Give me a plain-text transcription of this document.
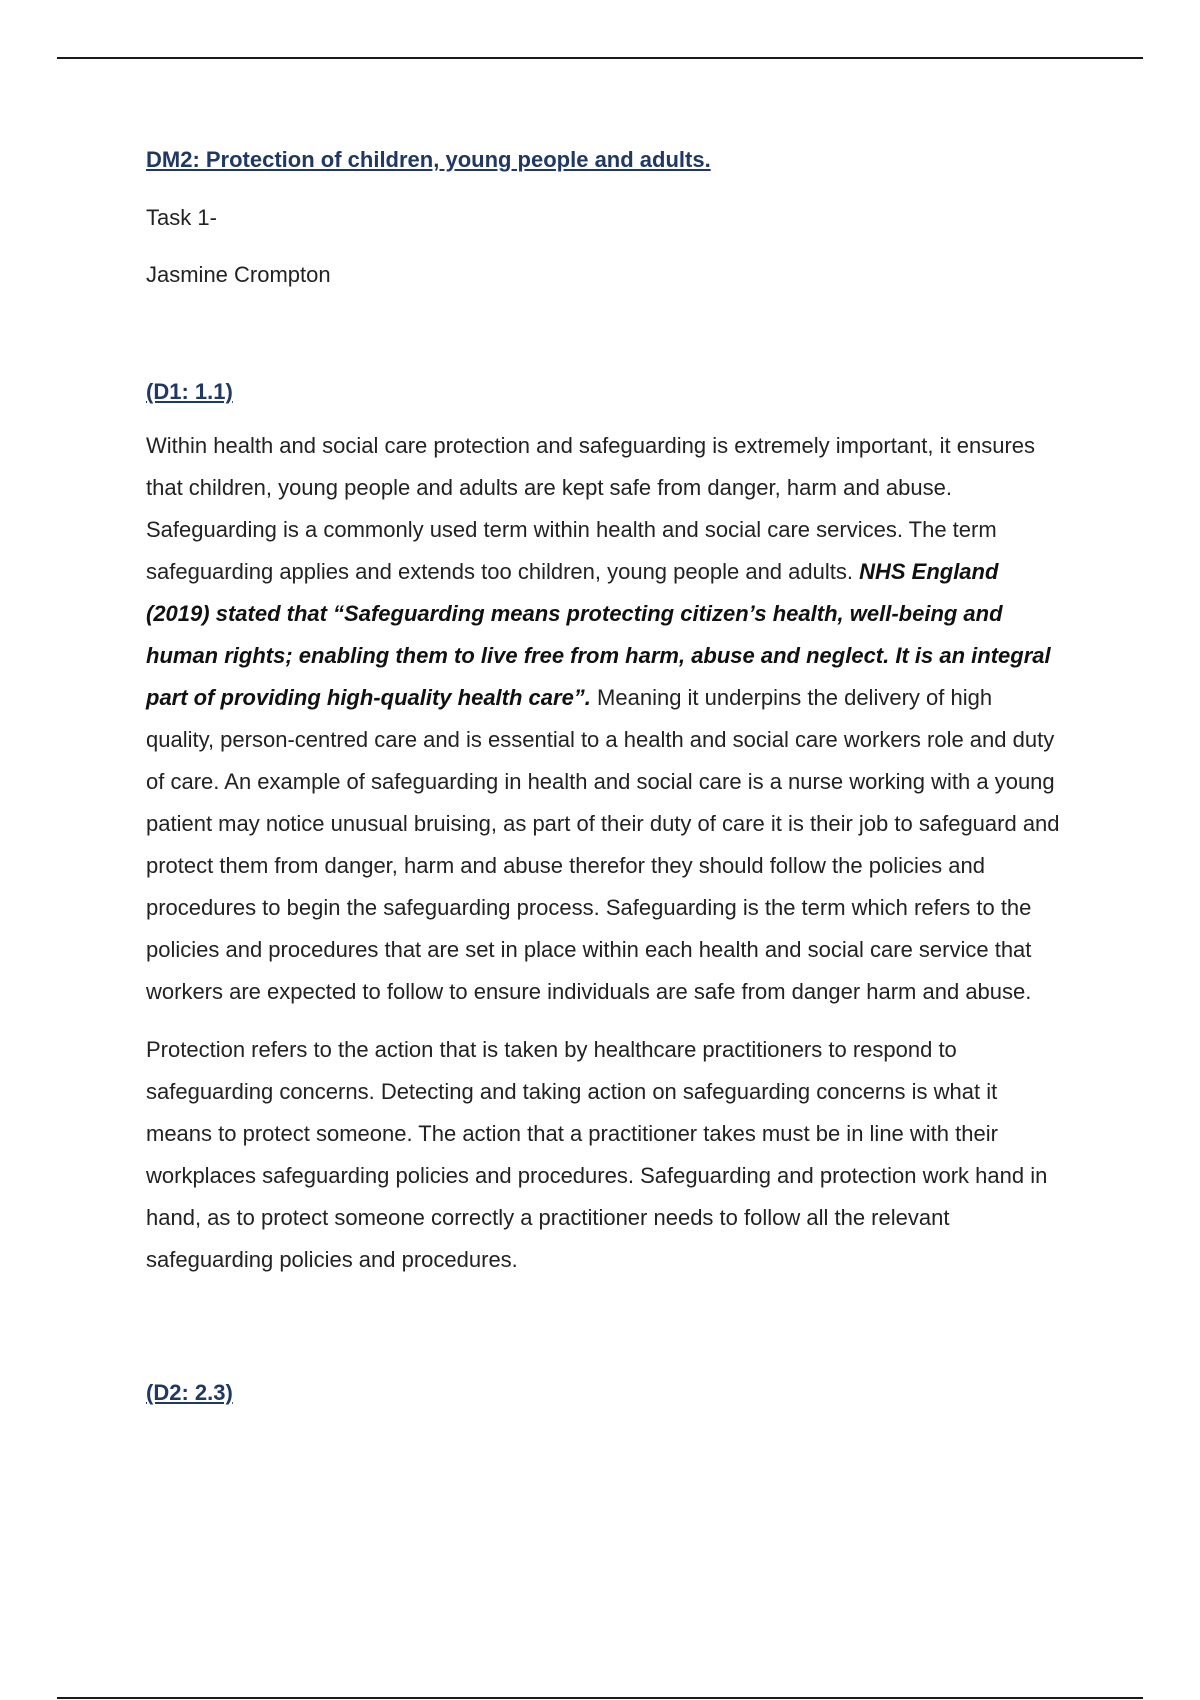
DM2: Protection of children, young people and adults.

Task 1-

Jasmine Crompton

(D1: 1.1)

Within health and social care protection and safeguarding is extremely important, it ensures that children, young people and adults are kept safe from danger, harm and abuse. Safeguarding is a commonly used term within health and social care services. The term safeguarding applies and extends too children, young people and adults. NHS England (2019) stated that “Safeguarding means protecting citizen’s health, well-being and human rights; enabling them to live free from harm, abuse and neglect. It is an integral part of providing high-quality health care”. Meaning it underpins the delivery of high quality, person-centred care and is essential to a health and social care workers role and duty of care. An example of safeguarding in health and social care is a nurse working with a young patient may notice unusual bruising, as part of their duty of care it is their job to safeguard and protect them from danger, harm and abuse therefor they should follow the policies and procedures to begin the safeguarding process. Safeguarding is the term which refers to the policies and procedures that are set in place within each health and social care service that workers are expected to follow to ensure individuals are safe from danger harm and abuse.

Protection refers to the action that is taken by healthcare practitioners to respond to safeguarding concerns. Detecting and taking action on safeguarding concerns is what it means to protect someone. The action that a practitioner takes must be in line with their workplaces safeguarding policies and procedures. Safeguarding and protection work hand in hand, as to protect someone correctly a practitioner needs to follow all the relevant safeguarding policies and procedures.

(D2: 2.3)
